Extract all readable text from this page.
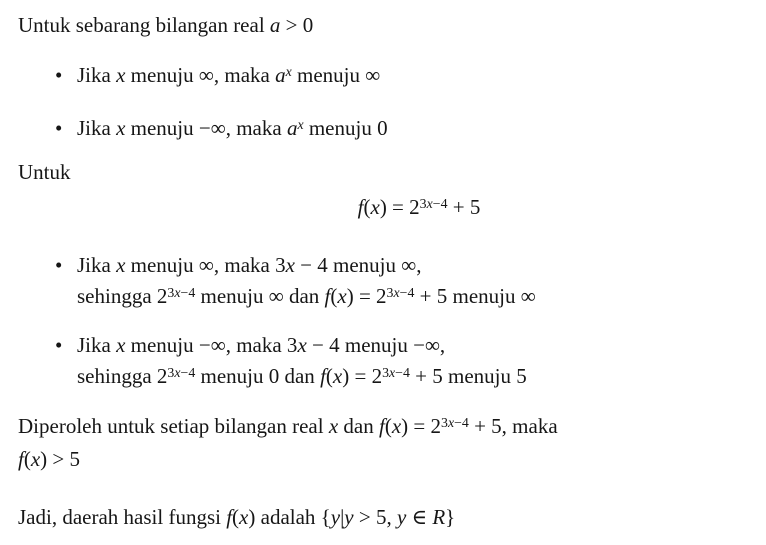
Untuk sebarang bilangan real a > 0
• Jika x menuju ∞, maka $a^x$ menuju ∞
• Jika x menuju −∞, maka $a^x$ menuju 0
Untuk
$f(x) = 2^{3x-4} + 5$
• Jika x menuju ∞, maka 3x − 4 menuju ∞,
sehingga $2^{3x-4}$ menuju ∞ dan $f(x) = 2^{3x-4} + 5$ menuju ∞
• Jika x menuju −∞, maka 3x − 4 menuju −∞,
sehingga $2^{3x-4}$ menuju 0 dan $f(x) = 2^{3x-4} + 5$ menuju 5
Diperoleh untuk setiap bilangan real x dan $f(x) = 2^{3x-4} + 5$, maka
f(x) > 5
Jadi, daerah hasil fungsi f(x) adalah {y|y > 5, y ∈ R}
